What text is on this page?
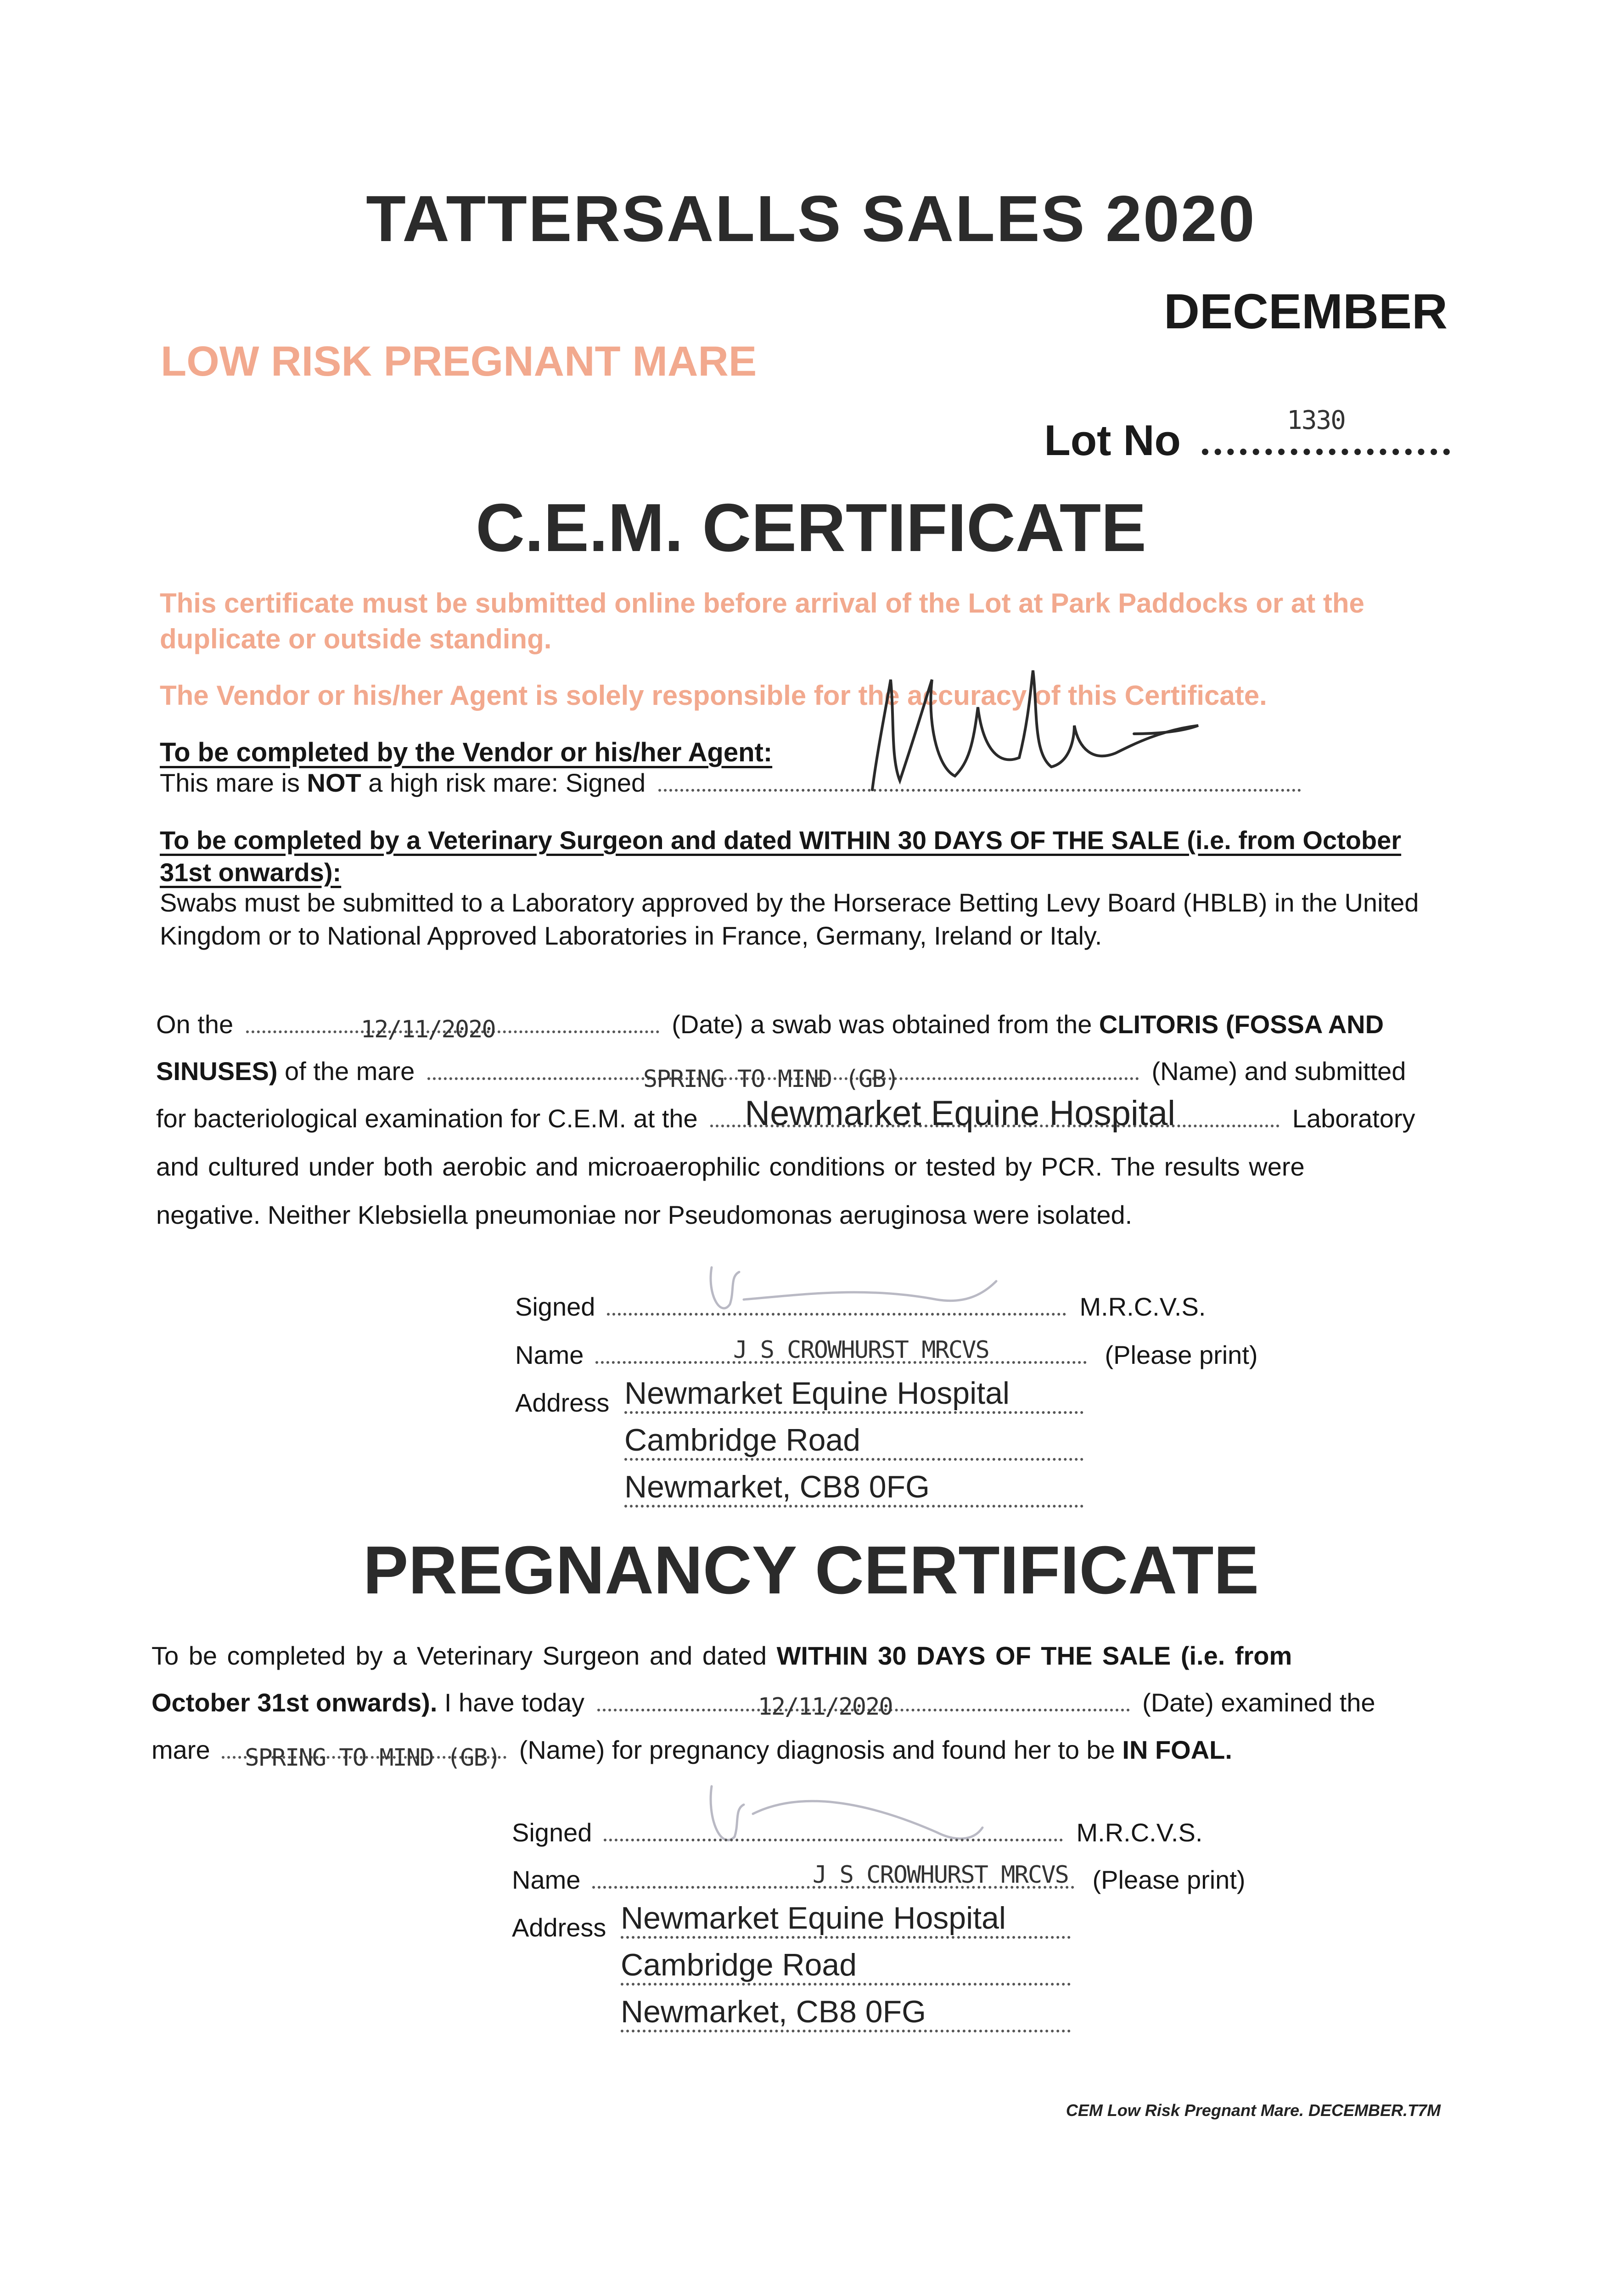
TATTERSALLS SALES 2020
DECEMBER
LOW RISK PREGNANT MARE
Lot No	1330
C.E.M. CERTIFICATE
This certificate must be submitted online before arrival of the Lot at Park Paddocks or at the duplicate or outside standing.
The Vendor or his/her Agent is solely responsible for the accuracy of this Certificate.
To be completed by the Vendor or his/her Agent:
This mare is NOT a high risk mare: Signed
To be completed by a Veterinary Surgeon and dated WITHIN 30 DAYS OF THE SALE (i.e. from October 31st onwards):
Swabs must be submitted to a Laboratory approved by the Horserace Betting Levy Board (HBLB) in the United Kingdom or to National Approved Laboratories in France, Germany, Ireland or Italy.
On the	12/11/2020	(Date) a swab was obtained from the CLITORIS (FOSSA AND
SINUSES) of the mare	SPRING TO MIND (GB)	(Name) and submitted
for bacteriological examination for C.E.M. at the Newmarket Equine Hospital	Laboratory
and cultured under both aerobic and microaerophilic conditions or tested by PCR. The results were
negative. Neither Klebsiella pneumoniae nor Pseudomonas aeruginosa were isolated.
Signed	M.R.C.V.S.
Name	J S CROWHURST MRCVS	(Please print)
Address Newmarket Equine Hospital
Cambridge Road
Newmarket, CB8 0FG
PREGNANCY CERTIFICATE
To be completed by a Veterinary Surgeon and dated WITHIN 30 DAYS OF THE SALE (i.e. from
October 31st onwards). I have today	12/11/2020	(Date) examined the
mare SPRING TO MIND (GB) (Name) for pregnancy diagnosis and found her to be IN FOAL.
Signed	M.R.C.V.S.
Name	J S CROWHURST MRCVS (Please print)
Address Newmarket Equine Hospital
Cambridge Road
Newmarket, CB8 0FG
CEM Low Risk Pregnant Mare. DECEMBER.T7M
